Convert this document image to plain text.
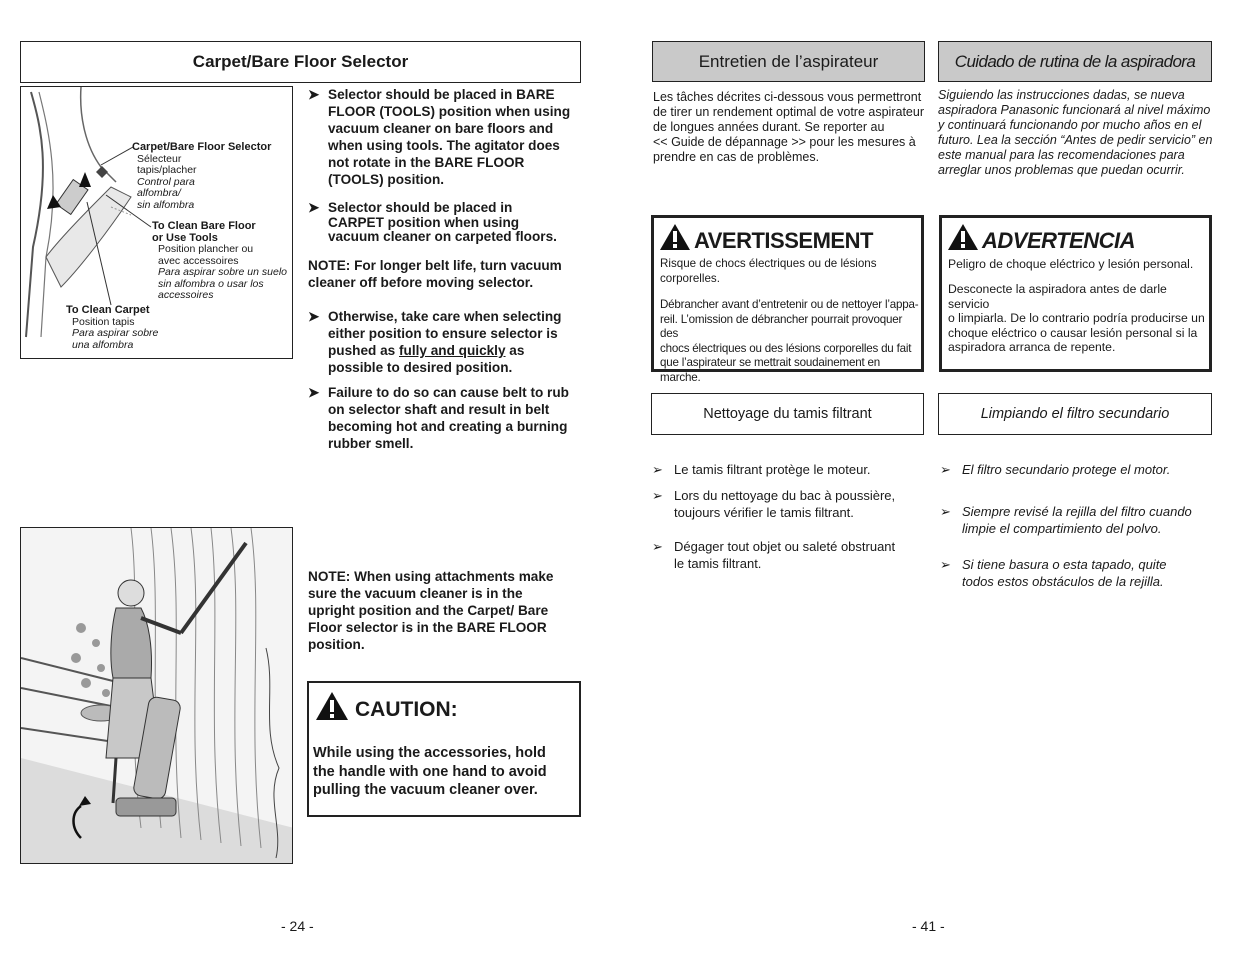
Carpet/Bare Floor Selector
Carpet/Bare Floor Selector
Sélecteur
tapis/placher
Control para
alfombra/
sin alfombra
To Clean Bare Floor
or Use Tools
Position plancher ou
avec accessoires
Para aspirar sobre un suelo
sin alfombra o usar los
accessoires
To Clean Carpet
Position tapis
Para aspirar sobre
una alfombra
➤ Selector should be placed in BARE
FLOOR (TOOLS) position when using
vacuum cleaner on bare floors and
when using tools. The agitator does
not rotate in the BARE FLOOR
(TOOLS) position.
➤ Selector should be placed in
CARPET position when using
vacuum cleaner on carpeted floors.
NOTE: For longer belt life, turn vacuum
cleaner off before moving selector.
➤ Otherwise, take care when selecting
either position to ensure selector is
pushed as fully and quickly as
possible to desired position.
➤ Failure to do so can cause belt to rub
on selector shaft and result in belt
becoming hot and creating a burning
rubber smell.
NOTE: When using attachments make
sure the vacuum cleaner is in the
upright position and the Carpet/ Bare
Floor selector is in the BARE FLOOR
position.
CAUTION:
While using the accessories, hold
the handle with one hand to avoid
pulling the vacuum cleaner over.
- 24 -
Entretien de l’aspirateur	Cuidado de rutina de la aspiradora
Les tâches décrites ci-dessous vous permettront
de tirer un rendement optimal de votre aspirateur
de longues années durant. Se reporter au
<< Guide de dépannage >> pour les mesures à
prendre en cas de problèmes.
Siguiendo las instrucciones dadas, se nueva
aspiradora Panasonic funcionará al nivel máximo
y continuará funcionando por mucho años en el
futuro. Lea la sección “Antes de pedir servicio” en
este manual para las recomendaciones para
arreglar unos problemas que puedan ocurrir.
AVERTISSEMENT
Risque de chocs électriques ou de lésions
corporelles.
Débrancher avant d’entretenir ou de nettoyer l’appa-
reil. L’omission de débrancher pourrait provoquer des
chocs électriques ou des lésions corporelles du fait
que l’aspirateur se mettrait soudainement en marche.
ADVERTENCIA
Peligro de choque eléctrico y lesión personal.
Desconecte la aspiradora antes de darle servicio
o limpiarla. De lo contrario podría producirse un
choque eléctrico o causar lesión personal si la
aspiradora arranca de repente.
Nettoyage du tamis filtrant	Limpiando el filtro secundario
➢ Le tamis filtrant protège le moteur.
➢ Lors du nettoyage du bac à poussière,
toujours vérifier le tamis filtrant.
➢ Dégager tout objet ou saleté obstruant
le tamis filtrant.
➢ El filtro secundario protege el motor.
➢ Siempre revisé la rejilla del filtro cuando
limpie el compartimiento del polvo.
➢ Si tiene basura o esta tapado, quite
todos estos obstáculos de la rejilla.
- 41 -
